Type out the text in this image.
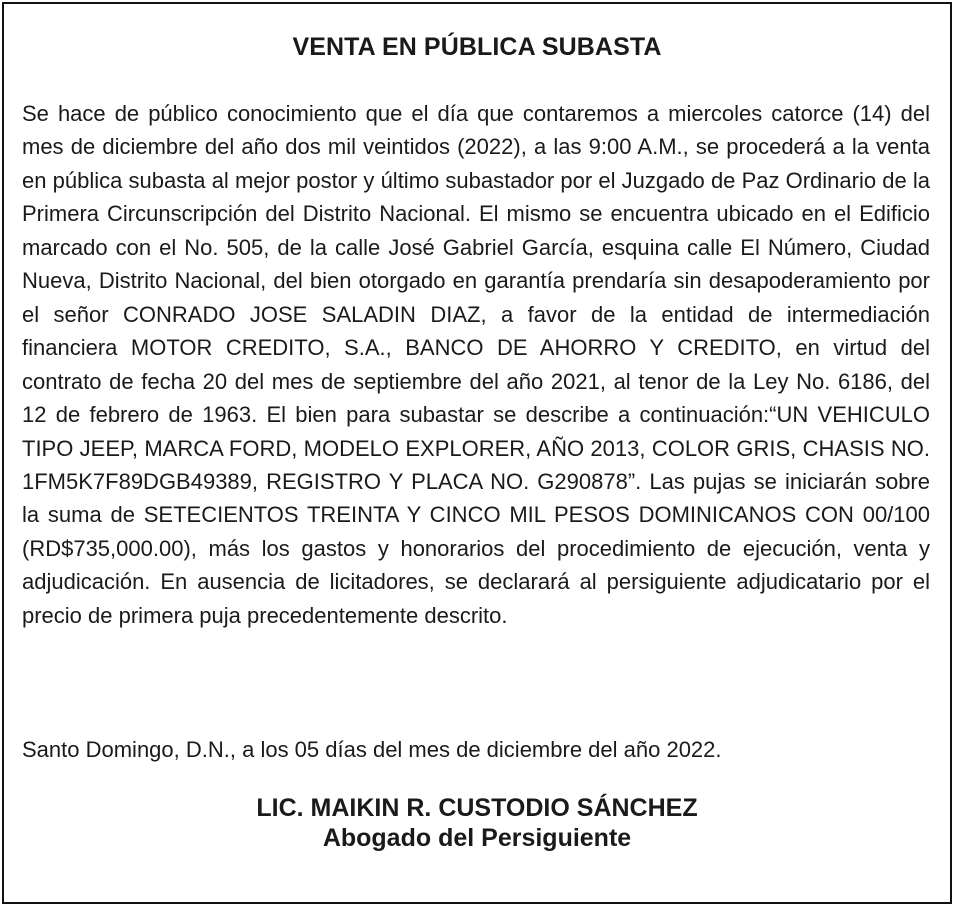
VENTA EN PÚBLICA SUBASTA

Se hace de público conocimiento que el día que contaremos a miercoles catorce (14) del mes de diciembre del año dos mil veintidos (2022), a las 9:00 A.M., se procederá a la venta en pública subasta al mejor postor y último subastador por el Juzgado de Paz Ordinario de la Primera Circunscripción del Distrito Nacional. El mismo se encuentra ubicado en el Edificio marcado con el No. 505, de la calle José Gabriel García, esquina calle El Número, Ciudad Nueva, Distrito Nacional, del bien otorgado en garantía prendaría sin desapoderamiento por el señor CONRADO JOSE SALADIN DIAZ, a favor de la entidad de intermediación financiera MOTOR CREDITO, S.A., BANCO DE AHORRO Y CREDITO, en virtud del contrato de fecha 20 del mes de septiembre del año 2021, al tenor de la Ley No. 6186, del 12 de febrero de 1963. El bien para subastar se describe a continuación:“UN VEHICULO TIPO JEEP, MARCA FORD, MODELO EXPLORER, AÑO 2013, COLOR GRIS, CHASIS NO. 1FM5K7F89DGB49389, REGISTRO Y PLACA NO. G290878”. Las pujas se iniciarán sobre la suma de SETECIENTOS TREINTA Y CINCO MIL PESOS DOMINICANOS CON 00/100 (RD$735,000.00), más los gastos y honorarios del procedimiento de ejecución, venta y adjudicación. En ausencia de licitadores, se declarará al persiguiente adjudicatario por el precio de primera puja precedentemente descrito.

Santo Domingo, D.N., a los 05 días del mes de diciembre del año 2022.

LIC. MAIKIN R. CUSTODIO SÁNCHEZ
Abogado del Persiguiente
